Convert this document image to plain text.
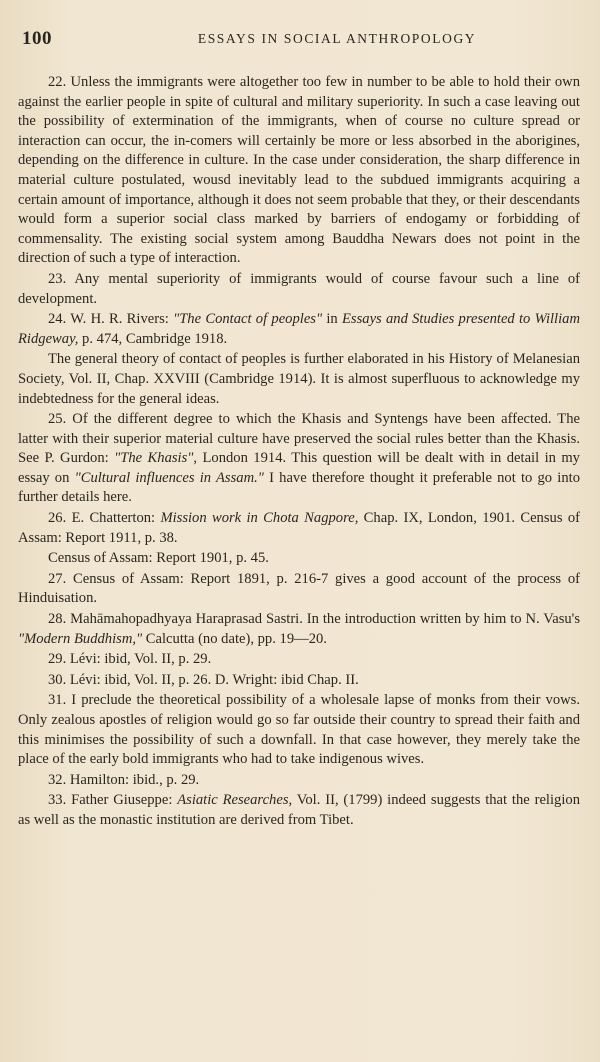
100	ESSAYS IN SOCIAL ANTHROPOLOGY

22. Unless the immigrants were altogether too few in number to be able to hold their own against the earlier people in spite of cultural and military superiority. In such a case leaving out the possibility of extermination of the immigrants, when of course no culture spread or interaction can occur, the in-comers will certainly be more or less absorbed in the aborigines, depending on the difference in culture. In the case under consideration, the sharp difference in material culture postulated, wousd inevitably lead to the subdued immigrants acquiring a certain amount of importance, although it does not seem probable that they, or their descendants would form a superior social class marked by barriers of endogamy or forbidding of commensality. The existing social system among Bauddha Newars does not point in the direction of such a type of interaction.

23. Any mental superiority of immigrants would of course favour such a line of development.

24. W. H. R. Rivers: "The Contact of peoples" in Essays and Studies presented to William Ridgeway, p. 474, Cambridge 1918.

The general theory of contact of peoples is further elaborated in his History of Melanesian Society, Vol. II, Chap. XXVIII (Cambridge 1914). It is almost superfluous to acknowledge my indebtedness for the general ideas.

25. Of the different degree to which the Khasis and Syntengs have been affected. The latter with their superior material culture have preserved the social rules better than the Khasis. See P. Gurdon: "The Khasis", London 1914. This question will be dealt with in detail in my essay on "Cultural influences in Assam." I have therefore thought it preferable not to go into further details here.

26. E. Chatterton: Mission work in Chota Nagpore, Chap. IX, London, 1901. Census of Assam: Report 1911, p. 38.

Census of Assam: Report 1901, p. 45.

27. Census of Assam: Report 1891, p. 216-7 gives a good account of the process of Hinduisation.

28. Mahāmahopadhyaya Haraprasad Sastri. In the introduction written by him to N. Vasu's "Modern Buddhism," Calcutta (no date), pp. 19—20.

29. Lévi: ibid, Vol. II, p. 29.

30. Lévi: ibid, Vol. II, p. 26. D. Wright: ibid Chap. II.

31. I preclude the theoretical possibility of a wholesale lapse of monks from their vows. Only zealous apostles of religion would go so far outside their country to spread their faith and this minimises the possibility of such a downfall. In that case however, they merely take the place of the early bold immigrants who had to take indigenous wives.

32. Hamilton: ibid., p. 29.

33. Father Giuseppe: Asiatic Researches, Vol. II, (1799) indeed suggests that the religion as well as the monastic institution are derived from Tibet.
